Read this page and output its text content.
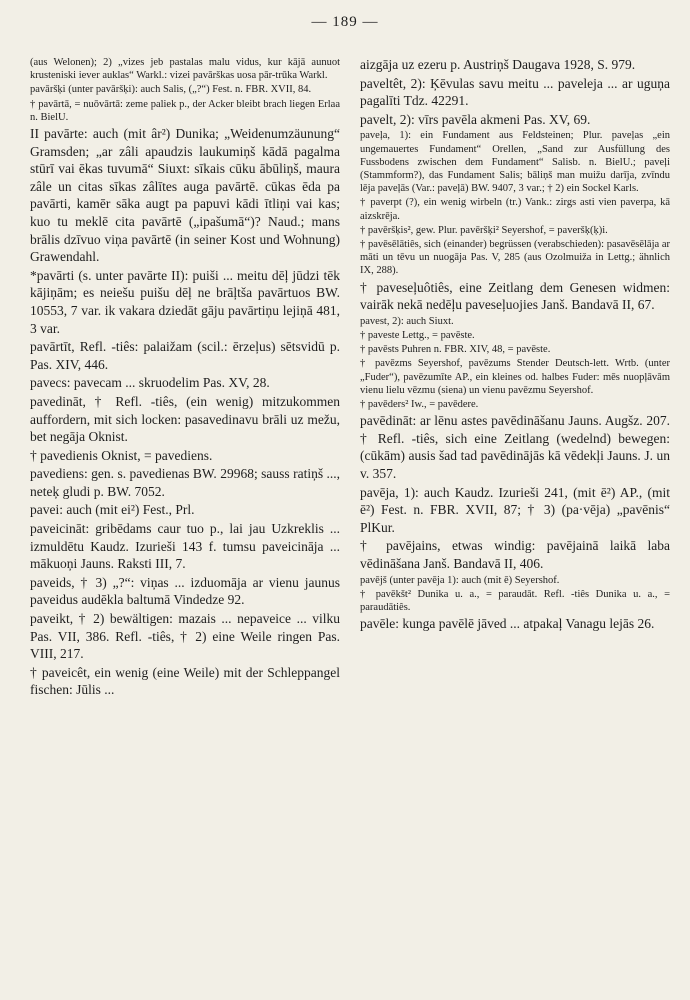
— 189 —

(aus Welonen); 2) „vizes jeb pastalas malu vidus, kur kājā aunuot krusteniski iever auklas“ Warkl.: vizei pavārškas uosa pār-trūka Warkl.

pavāršķi (unter pavāršķi): auch Salis, („?“) Fest. n. FBR. XVII, 84.

† pavārtā, = nuōvārtā: zeme paliek p., der Acker bleibt brach liegen Erlaa n. BielU.

II pavārte: auch (mit âr²) Dunika; „Weidenumzäunung“ Gramsden; „ar zâli apaudzis laukumiņš kādā pagalma stūrī vai ēkas tuvumā“ Siuxt: sīkais cūku ābūliņš, maura zâle un citas sīkas zâlītes auga pavārtē. cūkas ēda pa pavārti, kamēr sāka augt pa papuvi kādi ītliņi vai kas; kuo tu meklē cita pavārtē („ipašumā“)? Naud.; mans brālis dzīvuo viņa pavārtē (in seiner Kost und Wohnung) Grawendahl.

*pavārti (s. unter pavārte II): puiši ... meitu dēļ jūdzi tēk kājiņām; es neiešu puišu dēļ ne brāļtša pavārtuos BW. 10553, 7 var. ik vakara dziedāt gāju pavārtiņu lejiņā 481, 3 var.

pavārtīt, Refl. -tiês: palaižam (scil.: ērzeļus) sētsvidū p. Pas. XIV, 446.

pavecs: pavecam ... skruodelim Pas. XV, 28.

pavedināt, † Refl. -tiês, (ein wenig) mitzukommen auffordern, mit sich locken: pasavedinavu brāli uz mežu, bet negāja Oknist.

† pavedienis Oknist, = pavediens.

pavediens: gen. s. pavedienas BW. 29968; sauss ratiņš ..., neteķ gludi p. BW. 7052.

pavei: auch (mit ei²) Fest., Prl.

paveicināt: gribēdams caur tuo p., lai jau Uzkreklis ... izmuldētu Kaudz. Izurieši 143 f. tumsu paveicināja ... mākuoņi Jauns. Raksti III, 7.

paveids, † 3) „?“: viņas ... izduomāja ar vienu jaunus paveidus audēkla baltumā Vindedze 92.

paveikt, † 2) bewältigen: mazais ... nepaveice ... vilku Pas. VII, 386. Refl. -tiês, † 2) eine Weile ringen Pas. VIII, 217.

† paveicêt, ein wenig (eine Weile) mit der Schleppangel fischen: Jūlis ...

aizgāja uz ezeru p. Austriņš Daugava 1928, S. 979.

paveltêt, 2): Ķēvulas savu meitu ... paveleja ... ar uguņa pagalīti Tdz. 42291.

pavelt, 2): vīrs pavēla akmeni Pas. XV, 69.

paveļa, 1): ein Fundament aus Feldsteinen; Plur. paveļas „ein ungemauertes Fundament“ Orellen, „Sand zur Ausfüllung des Fussbodens zwischen dem Fundament“ Salisb. n. BielU.; paveļi (Stammform?), das Fundament Salis; bāliņš man muižu darīja, zvīndu lēja paveļās (Var.: paveļā) BW. 9407, 3 var.; † 2) ein Sockel Karls.

† paverpt (?), ein wenig wirbeln (tr.) Vank.: zirgs asti vien paverpa, kā aizskrēja.

† pavēršķis², gew. Plur. pavēršķi² Seyershof, = paveršķ(ķ)i.

† pavēsēlātiês, sich (einander) begrüssen (verabschieden): pasavēsēlāja ar māti un tēvu un nuogāja Pas. V, 285 (aus Ozolmuiža in Lettg.; ähnlich IX, 288).

† paveseļuôtiês, eine Zeitlang dem Genesen widmen: vairāk nekā nedēļu paveseļuojies Janš. Bandavā II, 67.

pavest, 2): auch Siuxt.

† paveste Lettg., = pavēste.

† pavēsts Puhren n. FBR. XIV, 48, = pavēste.

† pavēzms Seyershof, pavēzums Stender Deutsch-lett. Wrtb. (unter „Fuder“), pavēzumīte AP., ein kleines od. halbes Fuder: mēs nuopļāvām vienu lielu vēzmu (siena) un vienu pavēzmu Seyershof.

† pavēders² Iw., = pavēdere.

pavēdināt: ar lēnu astes pavēdināšanu Jauns. Augšz. 207. † Refl. -tiês, sich eine Zeitlang (wedelnd) bewegen: (cūkām) ausis šad tad pavēdinājās kā vēdekļi Jauns. J. un v. 357.

pavēja, 1): auch Kaudz. Izurieši 241, (mit ē²) AP., (mit ē²) Fest. n. FBR. XVII, 87; † 3) (pa·vēja) „pavēnis“ PlKur.

† pavējains, etwas windig: pavējainā laikā laba vēdināšana Janš. Bandavā II, 406.

pavējš (unter pavēja 1): auch (mit ē) Seyershof.

† pavēkšt² Dunika u. a., = paraudāt. Refl. -tiês Dunika u. a., = paraudātiês.

pavēle: kunga pavēlē jāved ... atpakaļ Vanagu lejās 26.
